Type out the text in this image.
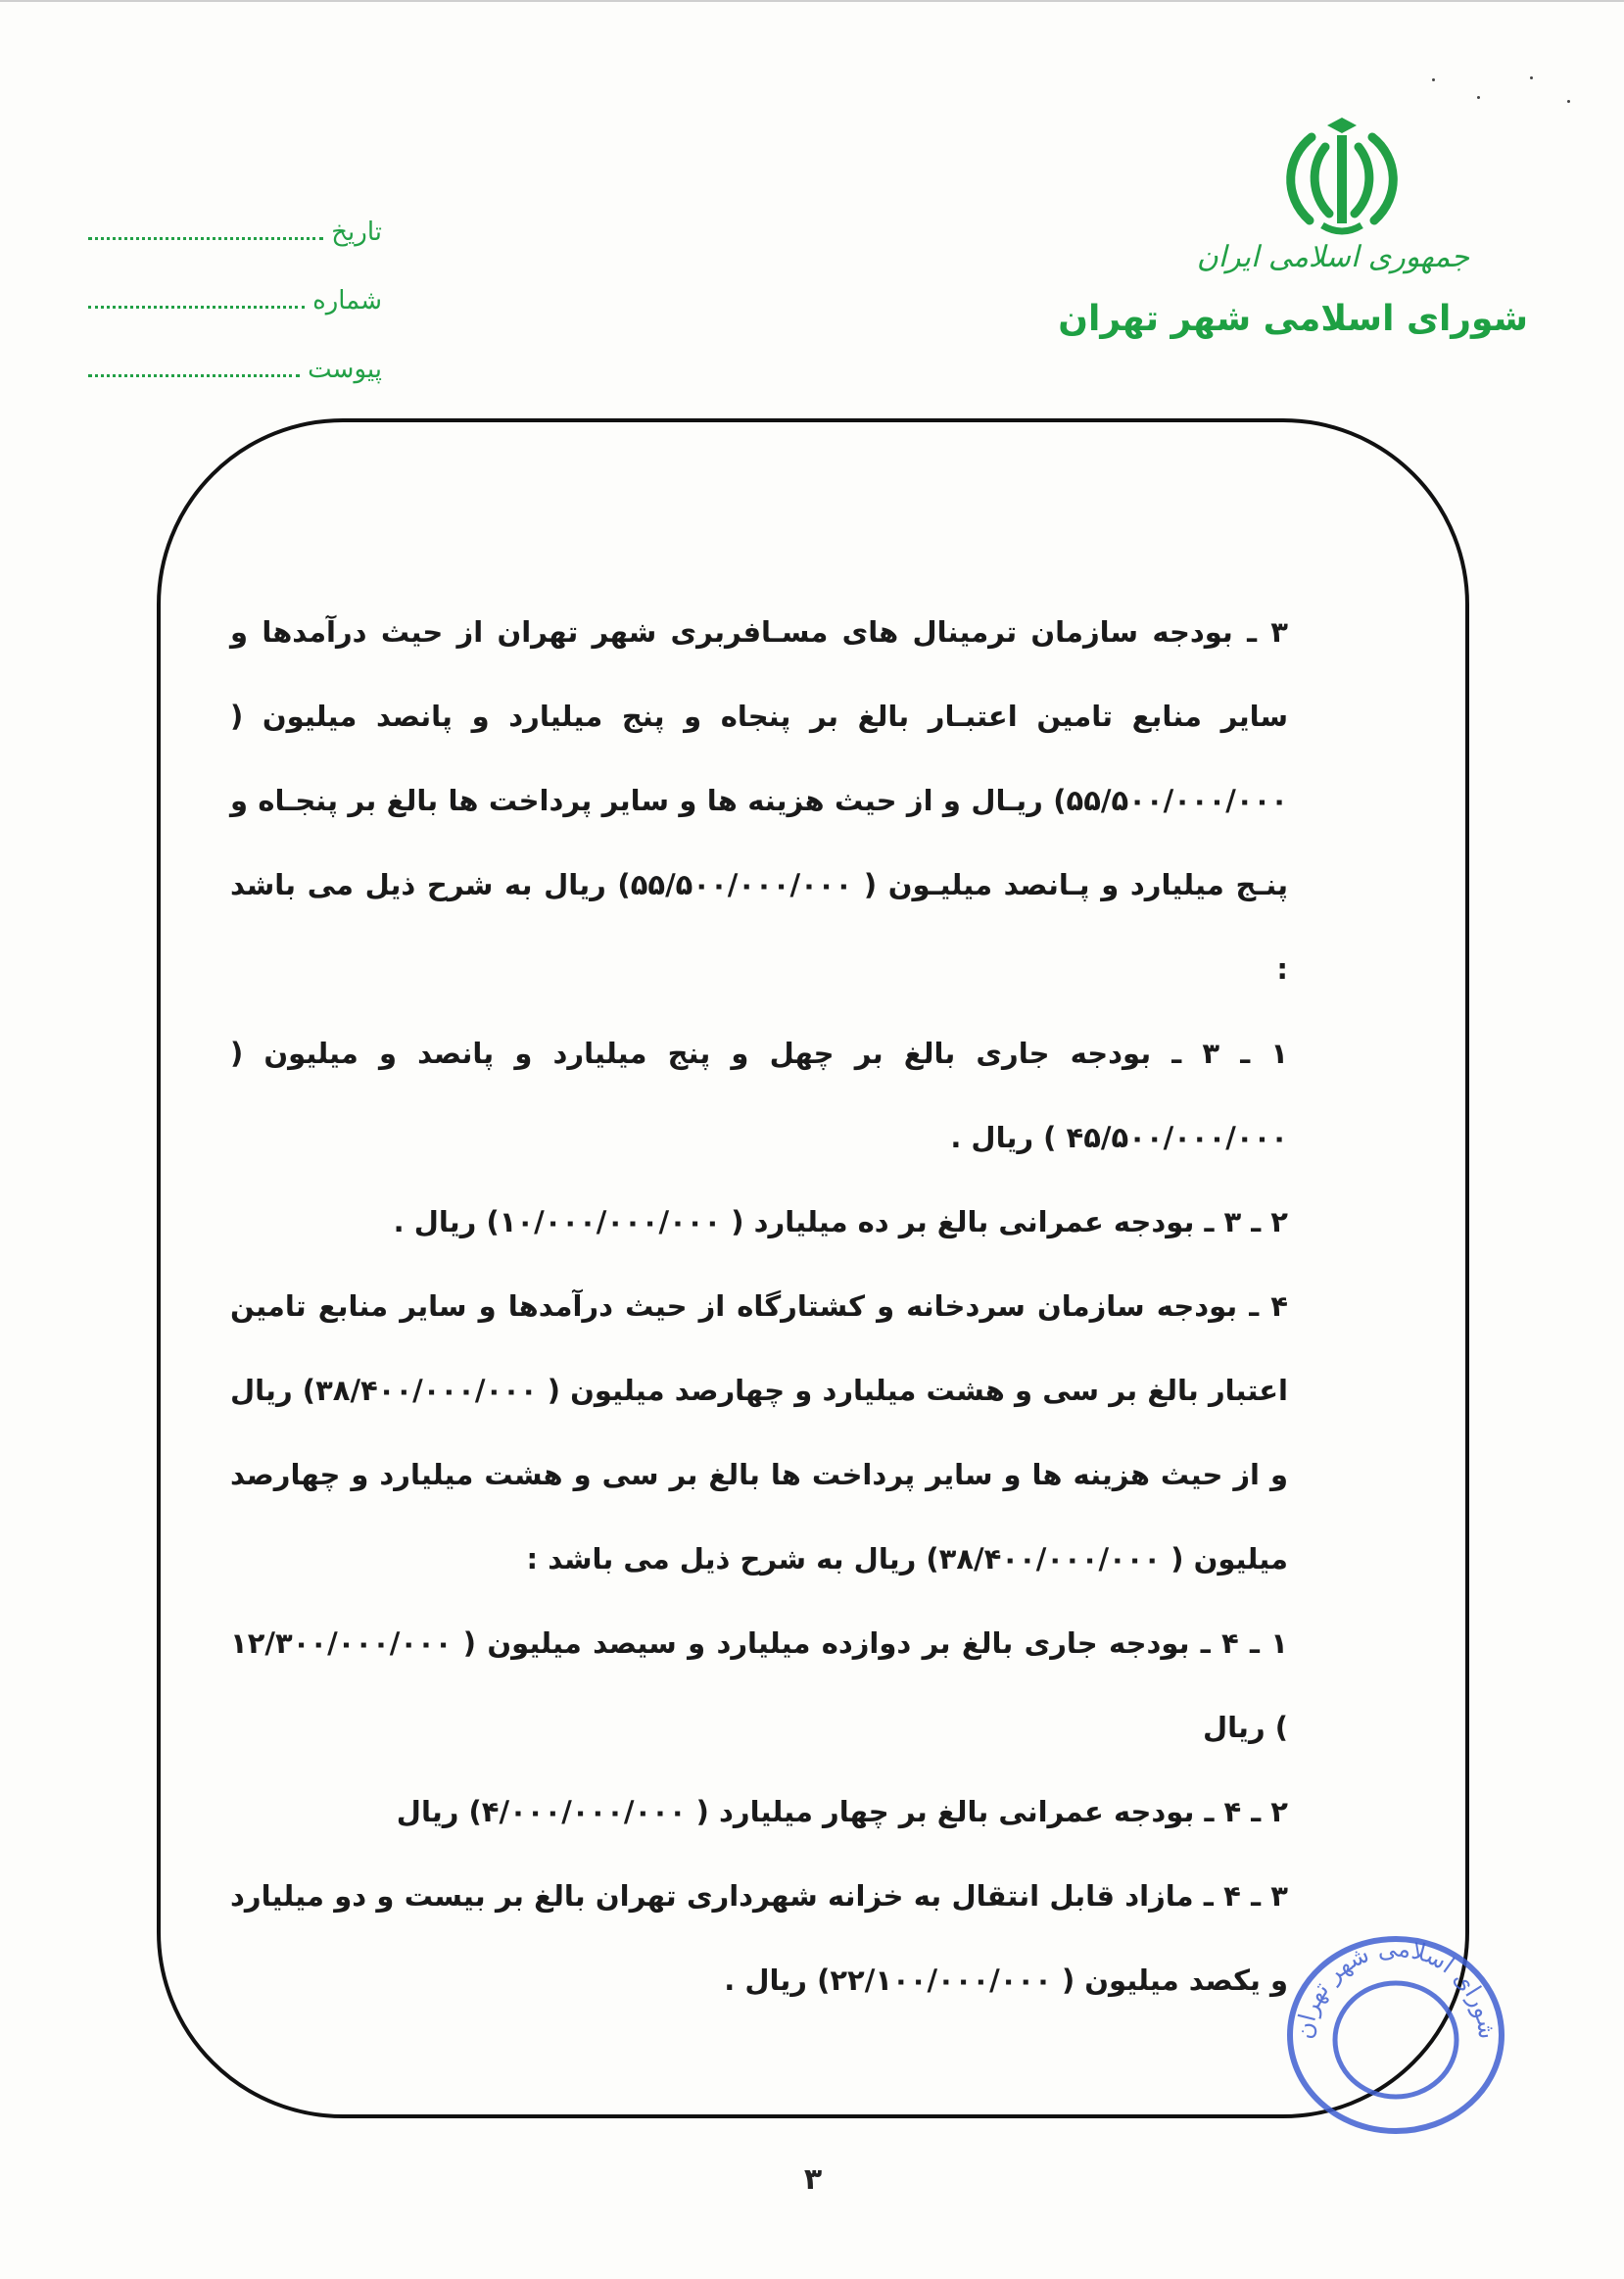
جمهوری اسلامی ایران
شورای اسلامی شهر تهران
تاریخ
شماره
پیوست

۳ ـ بودجه سازمان ترمینال های مسـافربری شهر تهران از حیث درآمدها و سایر منابع تامین اعتبـار بالغ بر پنجاه و پنج میلیارد و پانصد میلیون ( ۵۵/۵۰۰/۰۰۰/۰۰۰) ریـال و از حیث هزینه ها و سایر پرداخت ها بالغ بر پنجـاه و پنـج میلیارد و پـانصد میلیـون ( ۵۵/۵۰۰/۰۰۰/۰۰۰) ریال به شرح ذیل می باشد :

۱ ـ ۳ ـ بودجه جاری بالغ بر چهل و پنج میلیارد و پانصد و میلیون ( ۴۵/۵۰۰/۰۰۰/۰۰۰ ) ریال .

۲ ـ ۳ ـ بودجه عمرانی بالغ بر ده میلیارد ( ۱۰/۰۰۰/۰۰۰/۰۰۰) ریال .

۴ ـ بودجه سازمان سردخانه و کشتارگاه از حیث درآمدها و سایر منابع تامین اعتبار بالغ بر سی و هشت میلیارد و چهارصد میلیون ( ۳۸/۴۰۰/۰۰۰/۰۰۰) ریال و از حیث هزینه ها و سایر پرداخت ها بالغ بر سی و هشت میلیارد و چهارصد میلیون ( ۳۸/۴۰۰/۰۰۰/۰۰۰) ریال به شرح ذیل می باشد :

۱ ـ ۴ ـ بودجه جاری بالغ بر دوازده میلیارد و سیصد میلیون ( ۱۲/۳۰۰/۰۰۰/۰۰۰ ) ریال

۲ ـ ۴ ـ بودجه عمرانی بالغ بر چهار میلیارد ( ۴/۰۰۰/۰۰۰/۰۰۰) ریال

۳ ـ ۴ ـ مازاد قابل انتقال به خزانه شهرداری تهران بالغ بر بیست و دو میلیارد و یکصد میلیون ( ۲۲/۱۰۰/۰۰۰/۰۰۰) ریال .

شورای اسلامی شهر تهران
۳
